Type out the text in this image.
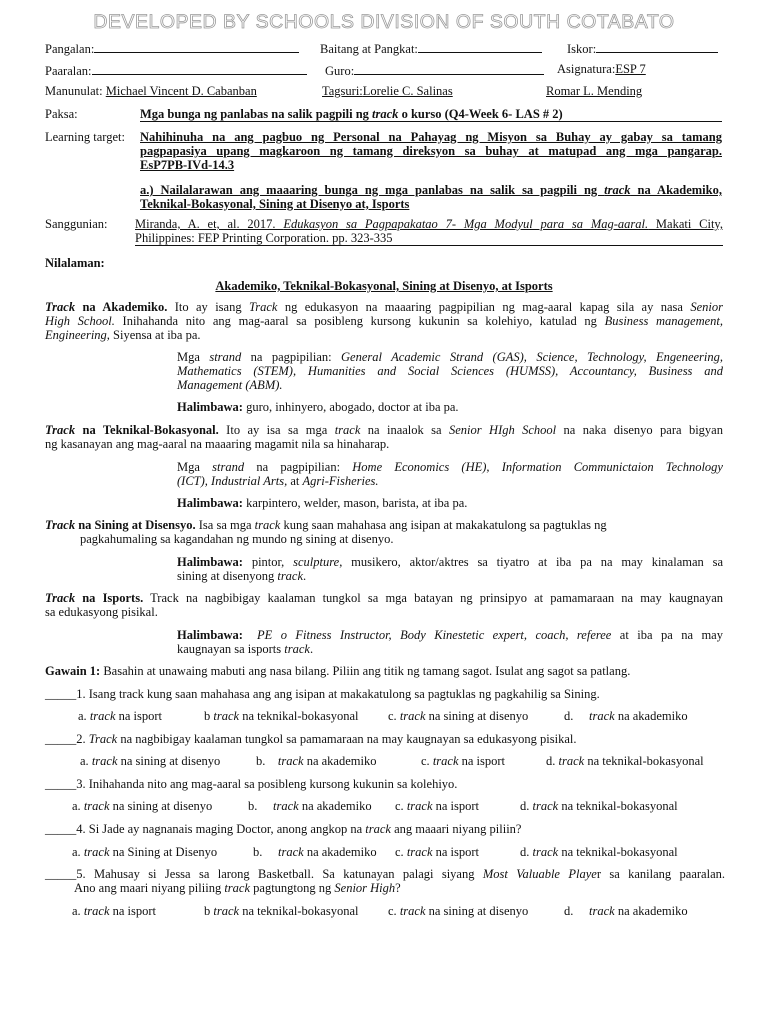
DEVELOPED BY SCHOOLS DIVISION OF SOUTH COTABATO
Pangalan:	Baitang at Pangkat:	Iskor:
Paaralan:	Guro:	Asignatura:ESP 7
Manunulat: Michael Vincent D. Cabanban	Tagsuri:Lorelie C. Salinas	Romar L. Mending
Paksa:	Mga bunga ng panlabas na salik pagpili ng track o kurso (Q4-Week 6- LAS # 2)
Learning target: Nahihinuha na ang pagbuo ng Personal na Pahayag ng Misyon sa Buhay ay gabay sa tamang

pagpapasiya upang magkaroon ng tamang direksyon sa buhay at matupad ang mga pangarap.

EsP7PB-IVd-14.3

a.) Nailalarawan ang maaaring bunga ng mga panlabas na salik sa pagpili ng track na Akademiko,

Teknikal-Bokasyonal, Sining at Disenyo at, Isports

Sanggunian: Miranda, A. et, al. 2017. Edukasyon sa Pagpapakatao 7- Mga Modyul para sa Mag-aaral. Makati City,

Philippines: FEP Printing Corporation. pp. 323-335

Nilalaman:
Akademiko, Teknikal-Bokasyonal, Sining at Disenyo, at Isports

Track na Akademiko. Ito ay isang Track ng edukasyon na maaaring pagpipilian ng mag-aaral kapag sila ay nasa Senior

High School. Inihahanda nito ang mag-aaral sa posibleng kursong kukunin sa kolehiyo, katulad ng Business management,

Engineering, Siyensa at iba pa.

Mga strand na pagpipilian: General Academic Strand (GAS), Science, Technology, Engeneering,

Mathematics (STEM), Humanities and Social Sciences (HUMSS), Accountancy, Business and

Management (ABM).

Halimbawa: guro, inhinyero, abogado, doctor at iba pa.

Track na Teknikal-Bokasyonal. Ito ay isa sa mga track na inaalok sa Senior HIgh School na naka disenyo para bigyan

ng kasanayan ang mag-aaral na maaaring magamit nila sa hinaharap.

Mga strand na pagpipilian: Home Economics (HE), Information Communictaion Technology

(ICT), Industrial Arts, at Agri-Fisheries.

Halimbawa: karpintero, welder, mason, barista, at iba pa.

Track na Sining at Disensyo. Isa sa mga track kung saan mahahasa ang isipan at makakatulong sa pagtuklas ng

pagkahumaling sa kagandahan ng mundo ng sining at disenyo.

Halimbawa: pintor, sculpture, musikero, aktor/aktres sa tiyatro at iba pa na may kinalaman sa

sining at disenyong track.

Track na Isports. Track na nagbibigay kaalaman tungkol sa mga batayan ng prinsipyo at pamamaraan na may kaugnayan

sa edukasyong pisikal.

Halimbawa: PE o Fitness Instructor, Body Kinestetic expert, coach, referee at iba pa na may

kaugnayan sa isports track.

Gawain 1: Basahin at unawaing mabuti ang nasa bilang. Piliin ang titik ng tamang sagot. Isulat ang sagot sa patlang.
_____1. Isang track kung saan mahahasa ang ang isipan at makakatulong sa pagtuklas ng pagkahilig sa Sining.
a. track na isport	b track na teknikal-bokasyonal c. track na sining at disenyo	d. track na akademiko
_____2. Track na nagbibigay kaalaman tungkol sa pamamaraan na may kaugnayan sa edukasyong pisikal.
a. track na sining at disenyo	b. track na akademiko	c. track na isport	d. track na teknikal-bokasyonal
_____3. Inihahanda nito ang mag-aaral sa posibleng kursong kukunin sa kolehiyo.
a. track na sining at disenyo	b. track na akademiko c. track na isport	d. track na teknikal-bokasyonal
_____4. Si Jade ay nagnanais maging Doctor, anong angkop na track ang maaari niyang piliin?
a. track na Sining at Disenyo	b. track na akademiko c. track na isport	d. track na teknikal-bokasyonal

_____5. Mahusay si Jessa sa larong Basketball. Sa katunayan palagi siyang Most Valuable Player sa kanilang paaralan.

Ano ang maari niyang piliing track pagtungtong ng Senior High?

a. track na isport	b track na teknikal-bokasyonal c. track na sining at disenyo	d. track na akademiko
